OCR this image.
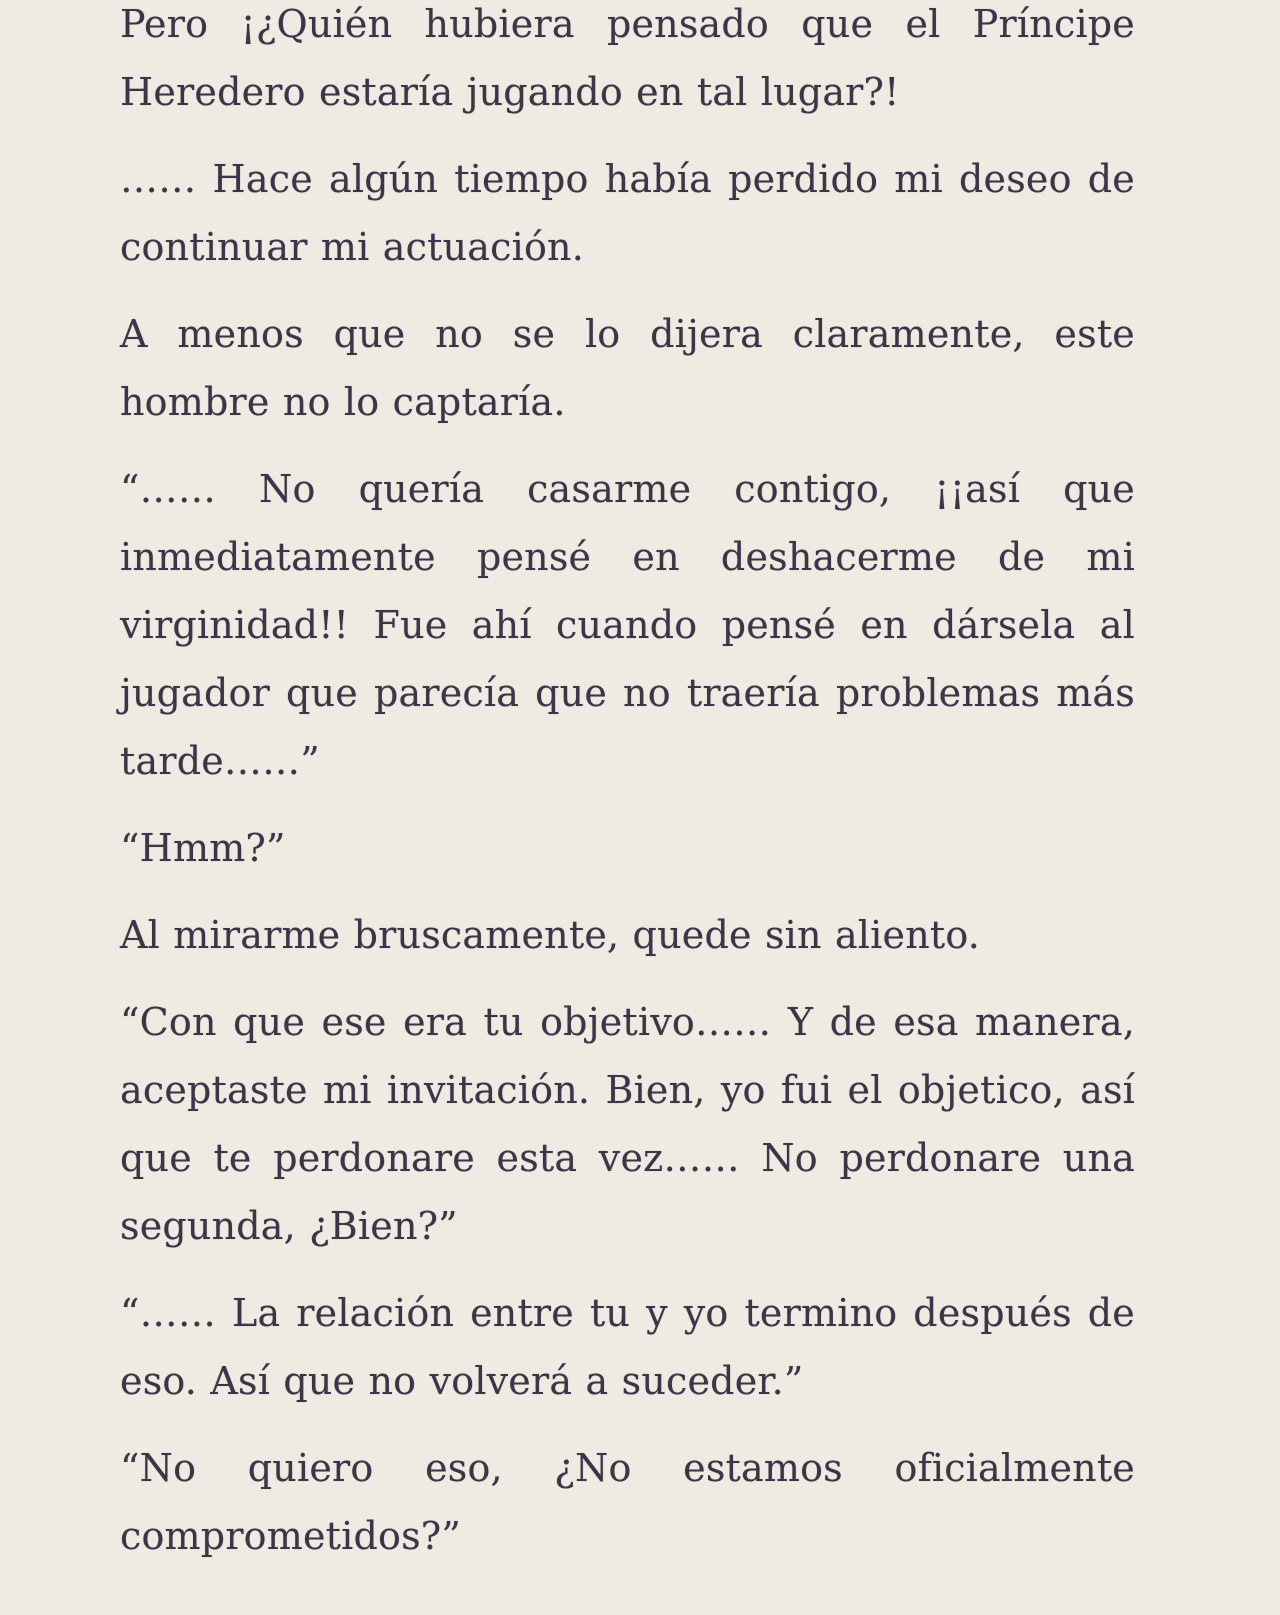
Pero ¡¿Quién hubiera pensado que el Príncipe Heredero estaría jugando en tal lugar?!

…… Hace algún tiempo había perdido mi deseo de continuar mi actuación.

A menos que no se lo dijera claramente, este hombre no lo captaría.

“…… No quería casarme contigo, ¡¡así que inmediatamente pensé en deshacerme de mi virginidad!! Fue ahí cuando pensé en dársela al jugador que parecía que no traería problemas más tarde……”

“Hmm?”

Al mirarme bruscamente, quede sin aliento.

“Con que ese era tu objetivo…… Y de esa manera, aceptaste mi invitación. Bien, yo fui el objetico, así que te perdonare esta vez…… No perdonare una segunda, ¿Bien?”

“…… La relación entre tu y yo termino después de eso. Así que no volverá a suceder.”

“No quiero eso, ¿No estamos oficialmente comprometidos?”
